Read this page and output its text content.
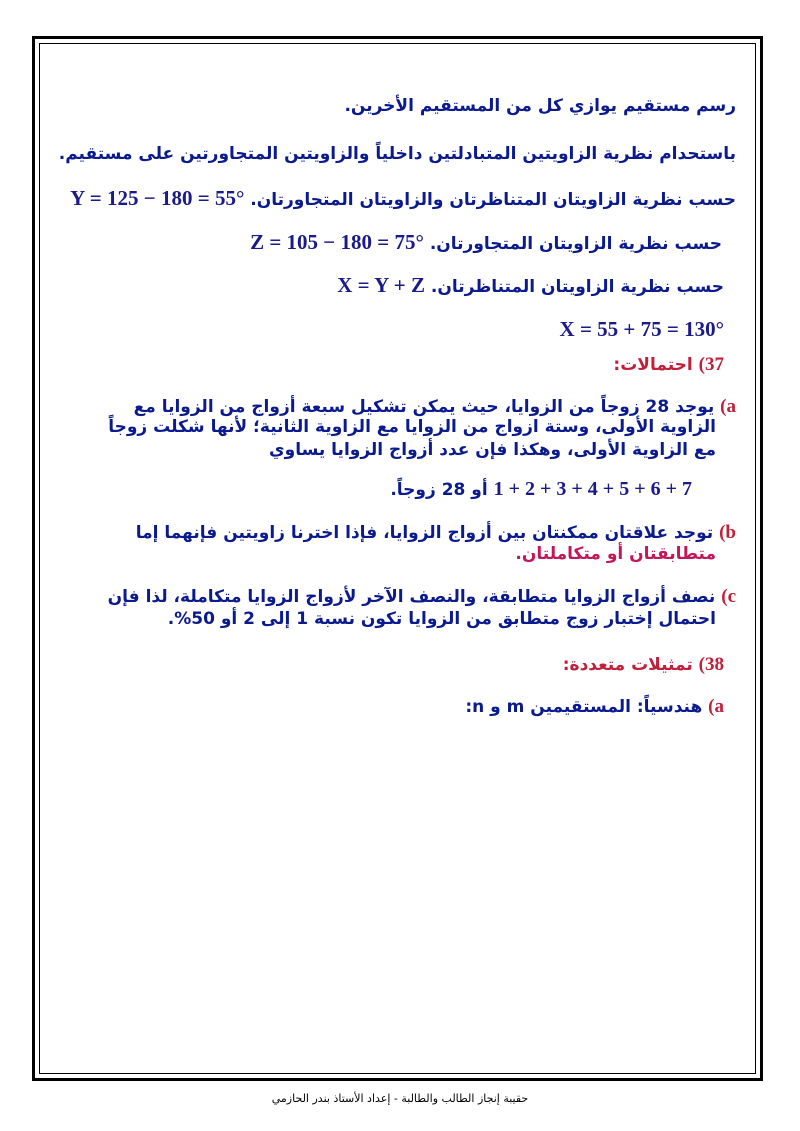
رسم مستقيم يوازي كل من المستقيم الأخرين.
باستحدام نظرية الزاويتين المتبادلتين داخلياً والزاويتين المتجاورتين على مستقيم.
حسب نظرية الزاويتان المتناظرتان والزاويتان المتجاورتان. Y = 125 − 180 = 55°
حسب نظرية الزاويتان المتجاورتان. Z = 105 − 180 = 75°
حسب نظرية الزاويتان المتناظرتان. X = Y + Z
X = 55 + 75 = 130°
37) احتمالات:
a) يوجد 28 زوجاً من الزوايا، حيث يمكن تشكيل سبعة أزواج من الزوايا مع
الزاوية الأولى، وستة ازواج من الزوايا مع الزاوية الثانية؛ لأنها شكلت زوجاً
مع الزاوية الأولى، وهكذا فإن عدد أزواج الزوايا يساوي
1 + 2 + 3 + 4 + 5 + 6 + 7 أو 28 زوجاً.
b) توجد علاقتان ممكنتان بين أزواج الزوايا، فإذا اخترنا زاويتين فإنهما إما
متطابقتان أو متكاملتان.
c) نصف أزواج الزوايا متطابقة، والنصف الآخر لأزواج الزوايا متكاملة، لذا فإن
احتمال إختبار زوج متطابق من الزوايا تكون نسبة 1 إلى 2 أو 50%.
38) تمثيلات متعددة:
a) هندسياً: المستقيمين m و n:
حقيبة إنجاز الطالب والطالبة - إعداد الأستاذ بندر الحازمي
